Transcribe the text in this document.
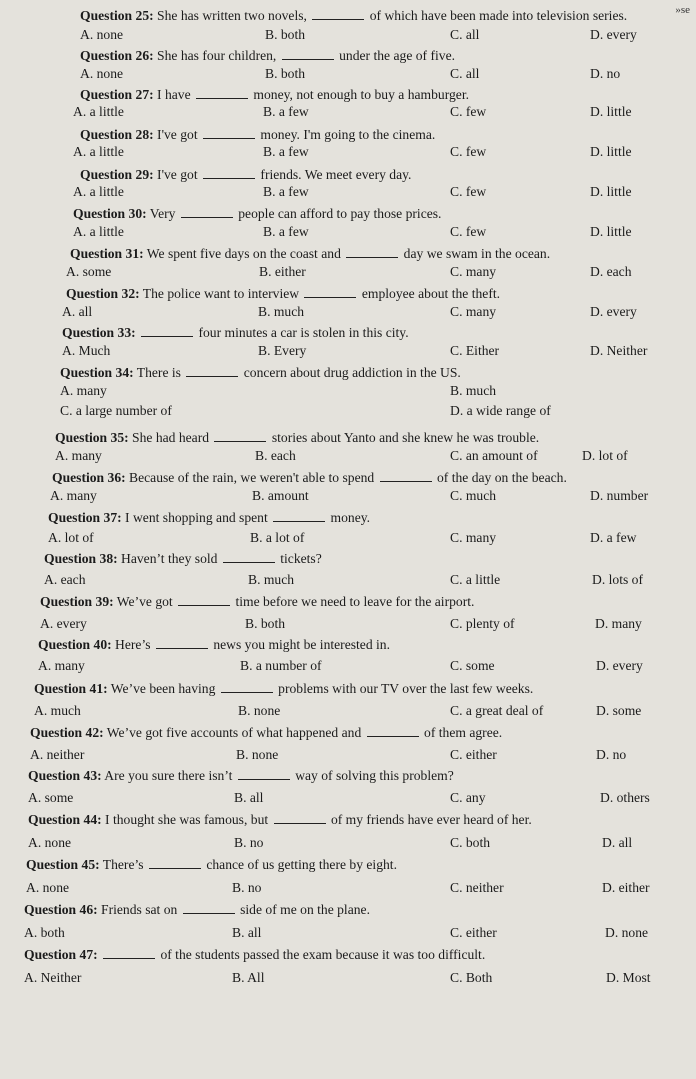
»se
Question 25: She has written two novels,	of which have been made into television series.
A. none	B. both	C. all	D. every
Question 26: She has four children,	under the age of five.
A. none	B. both	C. all	D. no
Question 27: I have	money, not enough to buy a hamburger.
A. a little	B. a few	C. few	D. little
Question 28: I've got	money. I'm going to the cinema.
A. a little	B. a few	C. few	D. little
Question 29: I've got	friends. We meet every day.
A. a little	B. a few	C. few	D. little
Question 30: Very	people can afford to pay those prices.
A. a little	B. a few	C. few	D. little
Question 31: We spent five days on the coast and	day we swam in the ocean.
A. some	B. either	C. many	D. each
Question 32: The police want to interview	employee about the theft.
A. all	B. much	C. many	D. every
Question 33:	four minutes a car is stolen in this city.
A. Much	B. Every	C. Either	D. Neither
Question 34: There is	concern about drug addiction in the US.
A. many	B. much
C. a large number of	D. a wide range of
Question 35: She had heard	stories about Yanto and she knew he was trouble.
A. many	B. each	C. an amount of	D. lot of
Question 36: Because of the rain, we weren't able to spend	of the day on the beach.
A. many	B. amount	C. much	D. number
Question 37: I went shopping and spent	money.
A. lot of	B. a lot of	C. many	D. a few
Question 38: Haven’t they sold	tickets?
A. each	B. much	C. a little	D. lots of
Question 39: We’ve got	time before we need to leave for the airport.
A. every	B. both	C. plenty of	D. many
Question 40: Here’s	news you might be interested in.
A. many	B. a number of	C. some	D. every
Question 41: We’ve been having	problems with our TV over the last few weeks.
A. much	B. none	C. a great deal of	D. some
Question 42: We’ve got five accounts of what happened and	of them agree.
A. neither	B. none	C. either	D. no
Question 43: Are you sure there isn’t	way of solving this problem?
A. some	B. all	C. any	D. others
Question 44: I thought she was famous, but	of my friends have ever heard of her.
A. none	B. no	C. both	D. all
Question 45: There’s	chance of us getting there by eight.
A. none	B. no	C. neither	D. either
Question 46: Friends sat on	side of me on the plane.
A. both	B. all	C. either	D. none
Question 47:	of the students passed the exam because it was too difficult.
A. Neither	B. All	C. Both	D. Most
